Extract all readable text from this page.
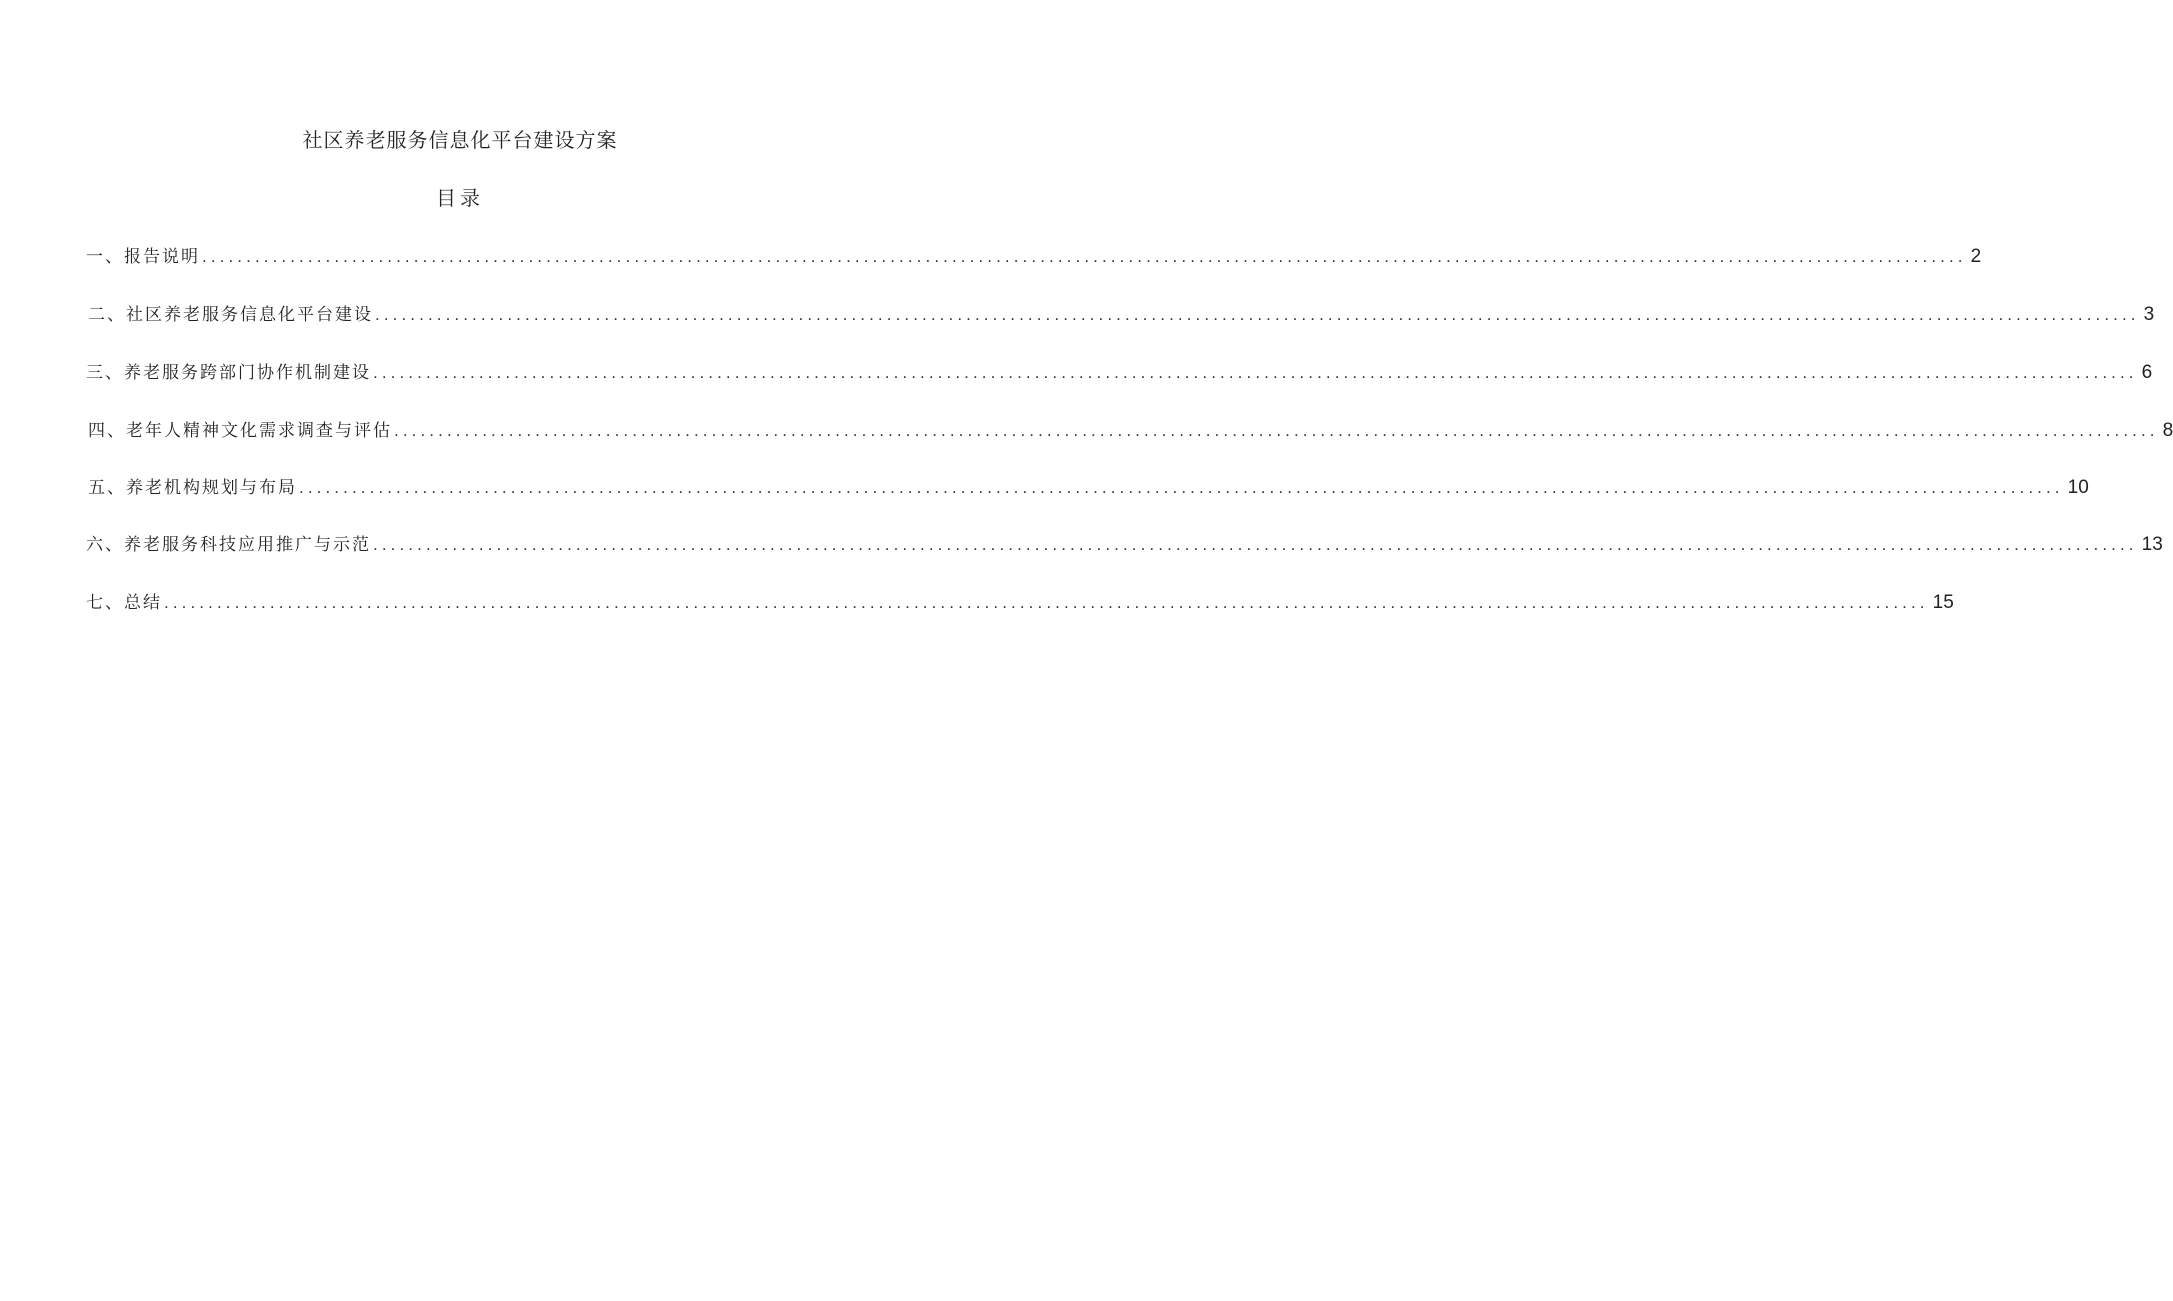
社区养老服务信息化平台建设方案
目录
一、报告说明 ........................................................................................................................................................................................................ 2
二、社区养老服务信息化平台建设 ........................................................................................................................................................................................................ 3
三、养老服务跨部门协作机制建设 ........................................................................................................................................................................................................ 6
四、老年人精神文化需求调查与评估 ........................................................................................................................................................................................................ 8
五、养老机构规划与布局 ........................................................................................................................................................................................................ 10
六、养老服务科技应用推广与示范 ........................................................................................................................................................................................................ 13
七、总结 ........................................................................................................................................................................................................ 15
